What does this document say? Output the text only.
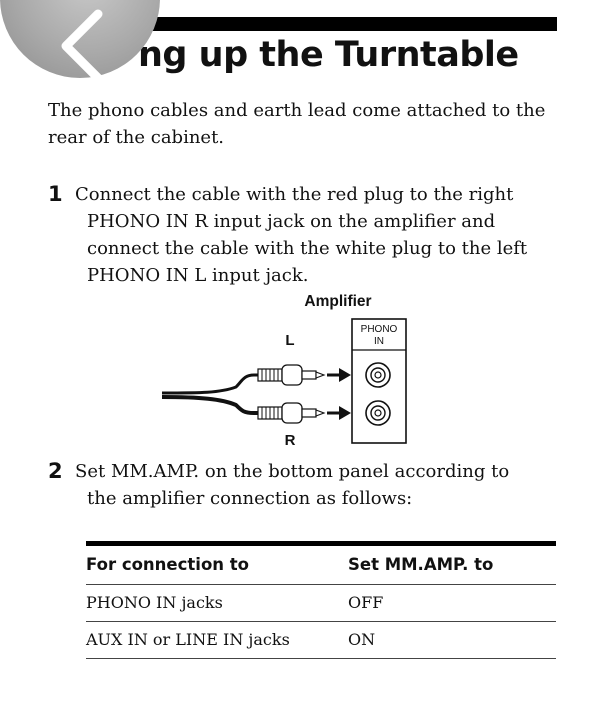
ng up the Turntable

The phono cables and earth lead come attached to the rear of the cabinet.

1 Connect the cable with the red plug to the right
PHONO IN R input jack on the amplifier and
connect the cable with the white plug to the left
PHONO IN L input jack.

Amplifier
PHONO
IN
L
R
2 Set MM.AMP. on the bottom panel according to
the amplifier connection as follows:

For connection to	Set MM.AMP. to
PHONO IN jacks	OFF
AUX IN or LINE IN jacks	ON
